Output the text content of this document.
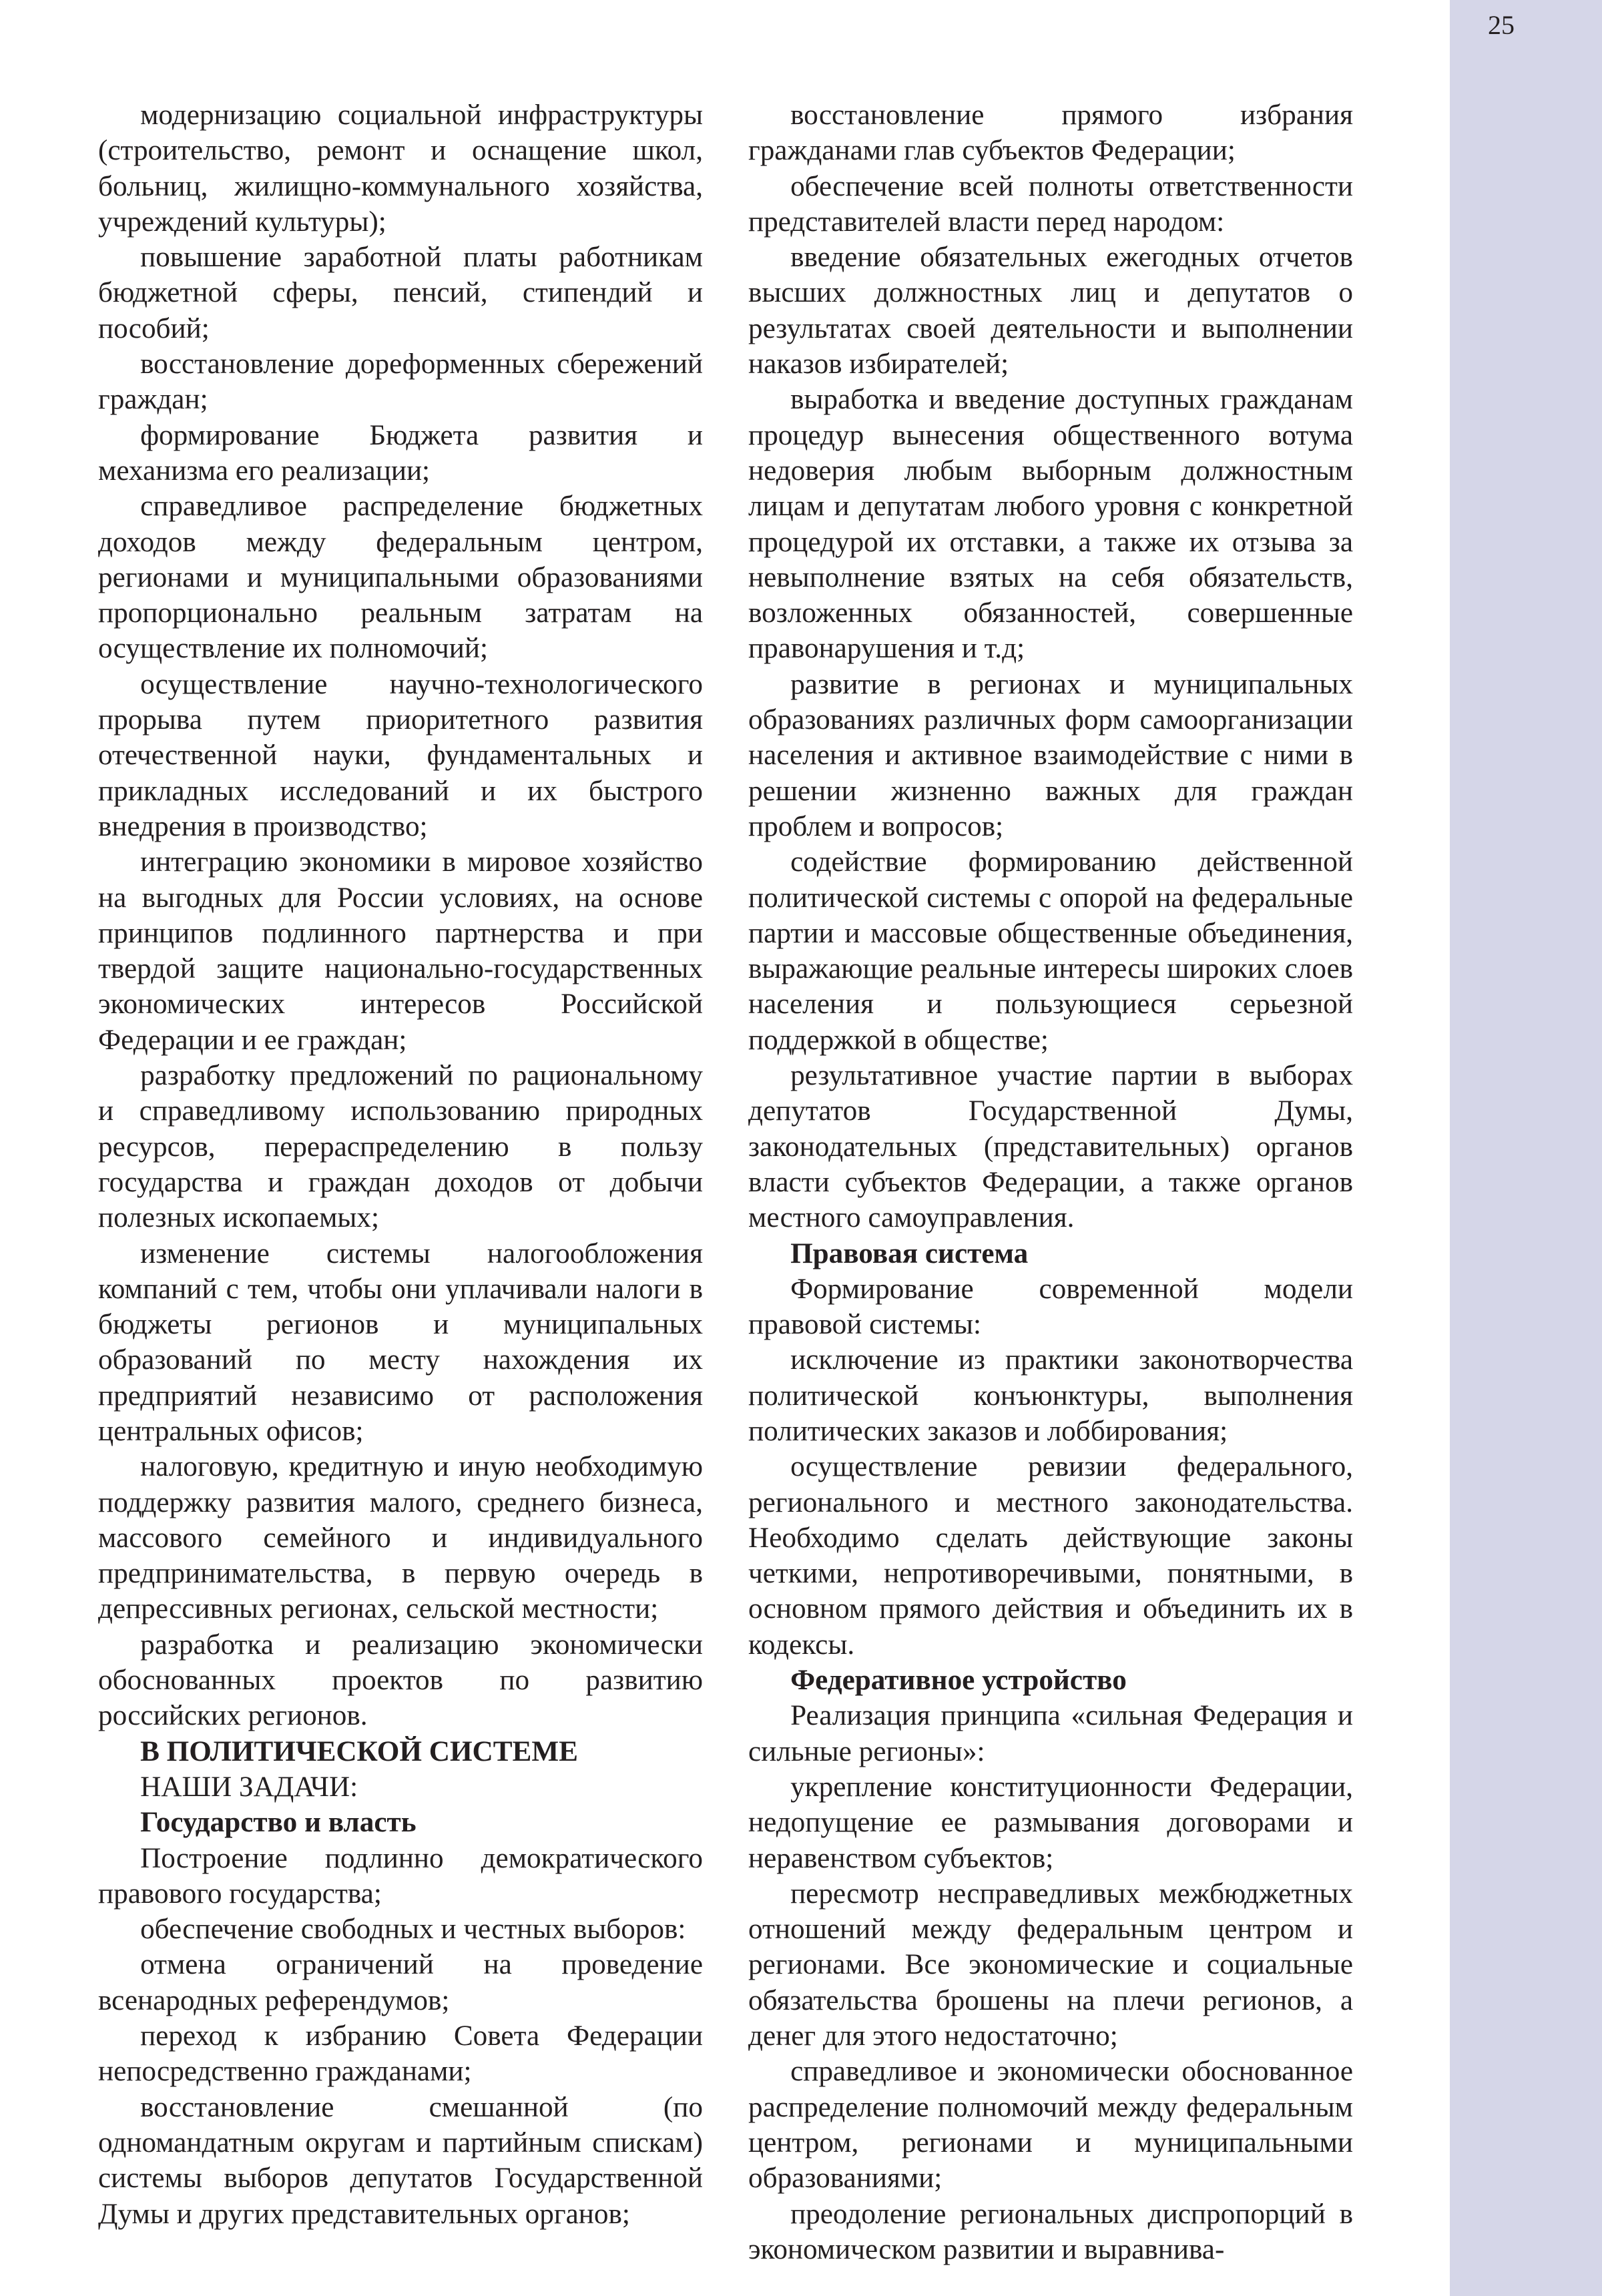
25

модернизацию социальной инфраструктуры (строительство, ремонт и оснащение школ, больниц, жилищно-коммунального хозяйства, учреждений культуры);

повышение заработной платы работникам бюджетной сферы, пенсий, стипендий и пособий;

восстановление дореформенных сбережений граждан;

формирование Бюджета развития и механизма его реализации;

справедливое распределение бюджетных доходов между федеральным центром, регионами и муниципальными образованиями пропорционально реальным затратам на осуществление их полномочий;

осуществление научно-технологического прорыва путем приоритетного развития отечественной науки, фундаментальных и прикладных исследований и их быстрого внедрения в производство;

интеграцию экономики в мировое хозяйство на выгодных для России условиях, на основе принципов подлинного партнерства и при твердой защите национально-государственных экономических интересов Российской Федерации и ее граждан;

разработку предложений по рациональному и справедливому использованию природных ресурсов, перераспределению в пользу государства и граждан доходов от добычи полезных ископаемых;

изменение системы налогообложения компаний с тем, чтобы они уплачивали налоги в бюджеты регионов и муниципальных образований по месту нахождения их предприятий независимо от расположения центральных офисов;

налоговую, кредитную и иную необходимую поддержку развития малого, среднего бизнеса, массового семейного и индивидуального предпринимательства, в первую очередь в депрессивных регионах, сельской местности;

разработка и реализацию экономически обоснованных проектов по развитию российских регионов.

В ПОЛИТИЧЕСКОЙ СИСТЕМЕ

НАШИ ЗАДАЧИ:

Государство и власть

Построение подлинно демократического правового государства;

обеспечение свободных и честных выборов:

отмена ограничений на проведение всенародных референдумов;

переход к избранию Совета Федерации непосредственно гражданами;

восстановление смешанной (по одномандатным округам и партийным спискам) системы выборов депутатов Государственной Думы и других представительных органов;

восстановление прямого избрания гражданами глав субъектов Федерации;

обеспечение всей полноты ответственности представителей власти перед народом:

введение обязательных ежегодных отчетов высших должностных лиц и депутатов о результатах своей деятельности и выполнении наказов избирателей;

выработка и введение доступных гражданам процедур вынесения общественного вотума недоверия любым выборным должностным лицам и депутатам любого уровня с конкретной процедурой их отставки, а также их отзыва за невыполнение взятых на себя обязательств, возложенных обязанностей, совершенные правонарушения и т.д;

развитие в регионах и муниципальных образованиях различных форм самоорганизации населения и активное взаимодействие с ними в решении жизненно важных для граждан проблем и вопросов;

содействие формированию действенной политической системы с опорой на федеральные партии и массовые общественные объединения, выражающие реальные интересы широких слоев населения и пользующиеся серьезной поддержкой в обществе;

результативное участие партии в выборах депутатов Государственной Думы, законодательных (представительных) органов власти субъектов Федерации, а также органов местного самоуправления.

Правовая система

Формирование современной модели правовой системы:

исключение из практики законотворчества политической конъюнктуры, выполнения политических заказов и лоббирования;

осуществление ревизии федерального, регионального и местного законодательства. Необходимо сделать действующие законы четкими, непротиворечивыми, понятными, в основном прямого действия и объединить их в кодексы.

Федеративное устройство

Реализация принципа «сильная Федерация и сильные регионы»:

укрепление конституционности Федерации, недопущение ее размывания договорами и неравенством субъектов;

пересмотр несправедливых межбюджетных отношений между федеральным центром и регионами. Все экономические и социальные обязательства брошены на плечи регионов, а денег для этого недостаточно;

справедливое и экономически обоснованное распределение полномочий между федеральным центром, регионами и муниципальными образованиями;

преодоление региональных диспропорций в экономическом развитии и выравнива-
